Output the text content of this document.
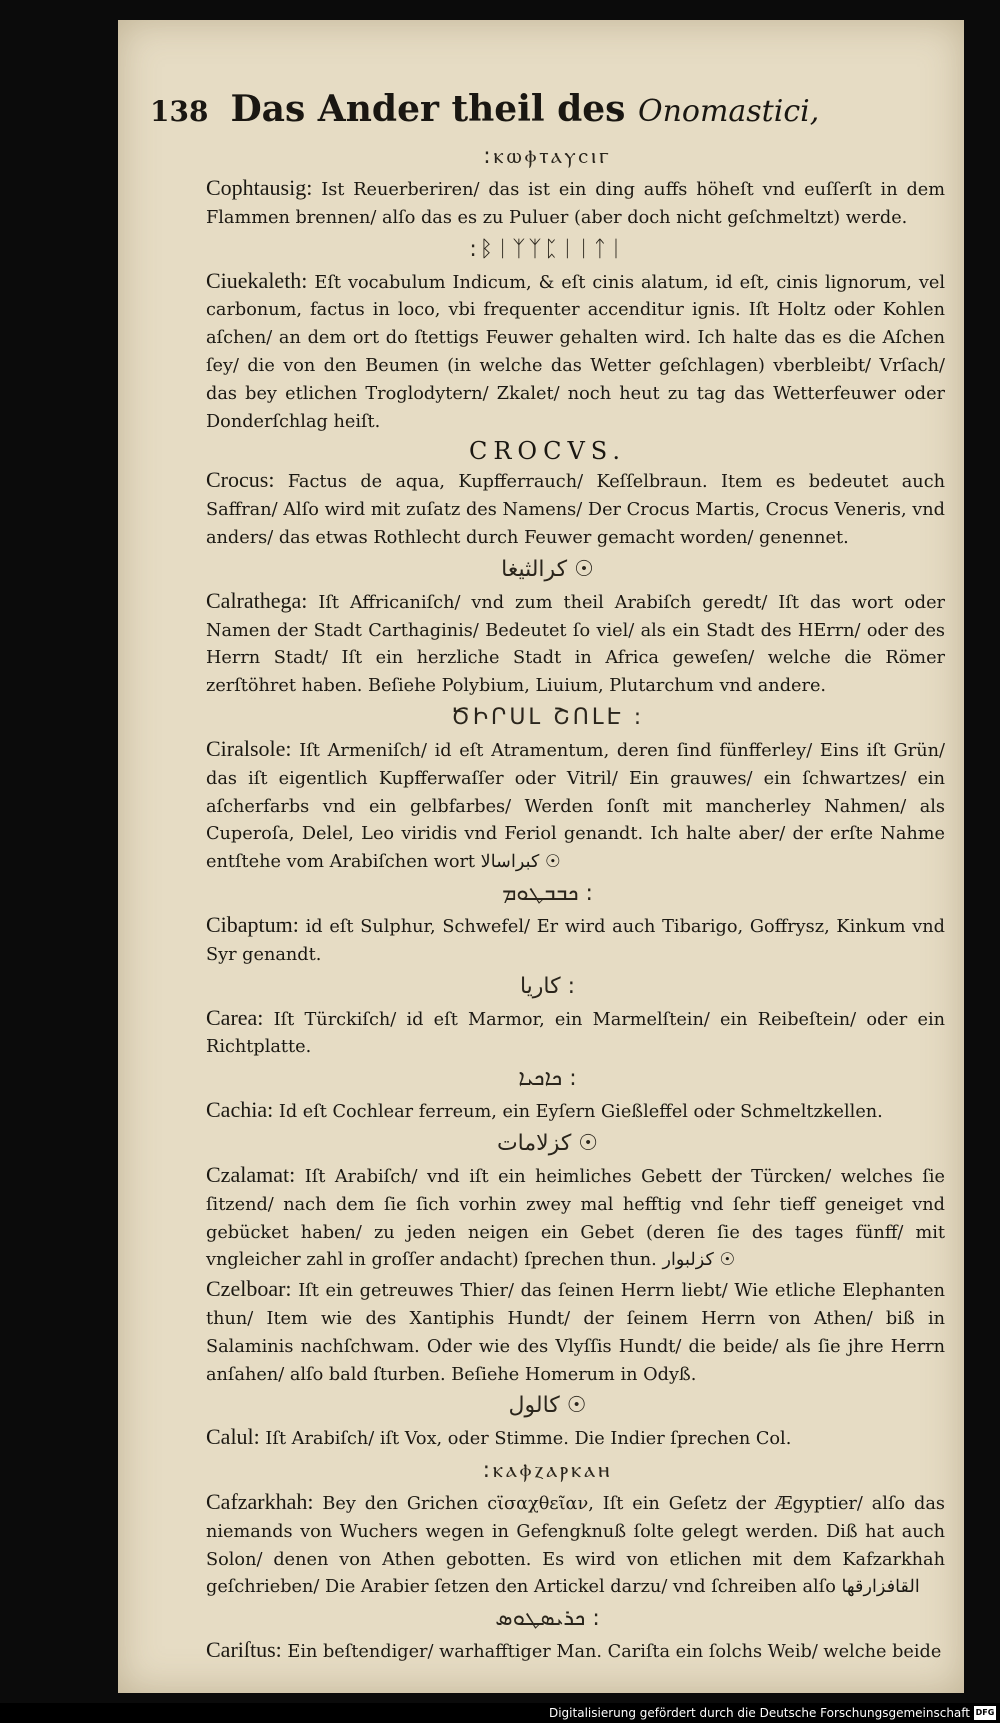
138 Das Ander theil des Onomastici,
:ⲕⲱⲫⲧⲁⲩⲥⲓⲅ
Cophtausig: Ist Reuerberiren/ das ist ein ding auffs höheſt vnd euſſerſt in dem Flammen brennen/ alſo das es zu Puluer (aber doch nicht geſchmeltzt) werde.
:ᛒᛁᛉᛉᛈᛁᛁᛏᛁ
Ciuekaleth: Eſt vocabulum Indicum, & eſt cinis alatum, id eſt, cinis lignorum, vel carbonum, factus in loco, vbi frequenter accenditur ignis. Iſt Holtz oder Kohlen aſchen/ an dem ort do ſtettigs Feuwer gehalten wird. Ich halte das es die Aſchen ſey/ die von den Beumen (in welche das Wetter geſchlagen) vberbleibt/ Vrſach/ das bey etlichen Troglodytern/ Zkalet/ noch heut zu tag das Wetterfeuwer oder Donderſchlag heiſt.
CROCVS.
Crocus: Factus de aqua, Kupfferrauch/ Keſſelbraun. Item es bedeutet auch Saffran/ Alſo wird mit zuſatz des Namens/ Der Crocus Martis, Crocus Veneris, vnd anders/ das etwas Rothlecht durch Feuwer gemacht worden/ genennet.
ﻛﺮﺍﻟﺜﻴﻐﺎ ☉
Calrathega: Iſt Affricaniſch/ vnd zum theil Arabiſch geredt/ Iſt das wort oder Namen der Stadt Carthaginis/ Bedeutet ſo viel/ als ein Stadt des HErrn/ oder des Herrn Stadt/ Iſt ein herzliche Stadt in Africa geweſen/ welche die Römer zerſtöhret haben. Beſiehe Polybium, Liuium, Plutarchum vnd andere.
ԾԻՐՍԼ ՇՈԼԷ :
Ciralsole: Iſt Armeniſch/ id eſt Atramentum, deren ſind fünfferley/ Eins iſt Grün/ das iſt eigentlich Kupfferwaſſer oder Vitril/ Ein grauwes/ ein ſchwartzes/ ein aſcherfarbs vnd ein gelbfarbes/ Werden ſonſt mit mancherley Nahmen/ als Cuperoſa, Delel, Leo viridis vnd Feriol genandt. Ich halte aber/ der erſte Nahme entſtehe vom Arabiſchen wort ﻛﺒﺮﺍﺳﺎﻻ ☉
ܟܒܒܛܘܡ :
Cibaptum: id eſt Sulphur, Schwefel/ Er wird auch Tibarigo, Goffrysz, Kinkum vnd Syr genandt.
ﻛﺎﺭﻳﺎ :
Carea: Iſt Türckiſch/ id eſt Marmor, ein Marmelſtein/ ein Reibeſtein/ oder ein Richtplatte.
ܟܐܟܝܐ :
Cachia: Id eſt Cochlear ferreum, ein Eyſern Gießleffel oder Schmeltzkellen.
ﻛﺰﻻﻣﺎﺕ ☉
Czalamat: Iſt Arabiſch/ vnd iſt ein heimliches Gebett der Türcken/ welches ſie ſitzend/ nach dem ſie ſich vorhin zwey mal hefftig vnd ſehr tieff geneiget vnd gebücket haben/ zu jeden neigen ein Gebet (deren ſie des tages fünff/ mit vngleicher zahl in groſſer andacht) ſprechen thun. ﻛﺰﻟﺒﻮﺍﺭ ☉
Czelboar: Iſt ein getreuwes Thier/ das ſeinen Herrn liebt/ Wie etliche Elephanten thun/ Item wie des Xantiphis Hundt/ der ſeinem Herrn von Athen/ biß in Salaminis nachſchwam. Oder wie des Vlyſſis Hundt/ die beide/ als ſie jhre Herrn anſahen/ alſo bald ſturben. Beſiehe Homerum in Odyß.
ﻛﺎﻟﻮﻝ ☉
Calul: Iſt Arabiſch/ iſt Vox, oder Stimme. Die Indier ſprechen Col.
:ⲕⲁⲫⲍⲁⲣⲕⲁⲏ
Cafzarkhah: Bey den Grichen ϲϊσαχθεῖαν, Iſt ein Geſetz der Ægyptier/ alſo das niemands von Wuchers wegen in Gefengknuß ſolte gelegt werden. Diß hat auch Solon/ denen von Athen gebotten. Es wird von etlichen mit dem Kafzarkhah geſchrieben/ Die Arabier ſetzen den Artickel darzu/ vnd ſchreiben alſo ﺍﻟﻘﺎﻓﺰﺍﺭﻗﻬﺎ
ܟܪܝܣܛܘܣ :
Cariſtus: Ein beſtendiger/ warhafftiger Man. Cariſta ein ſolchs Weib/ welche beide
Digitalisierung gefördert durch die Deutsche Forschungsgemeinschaft DFG
